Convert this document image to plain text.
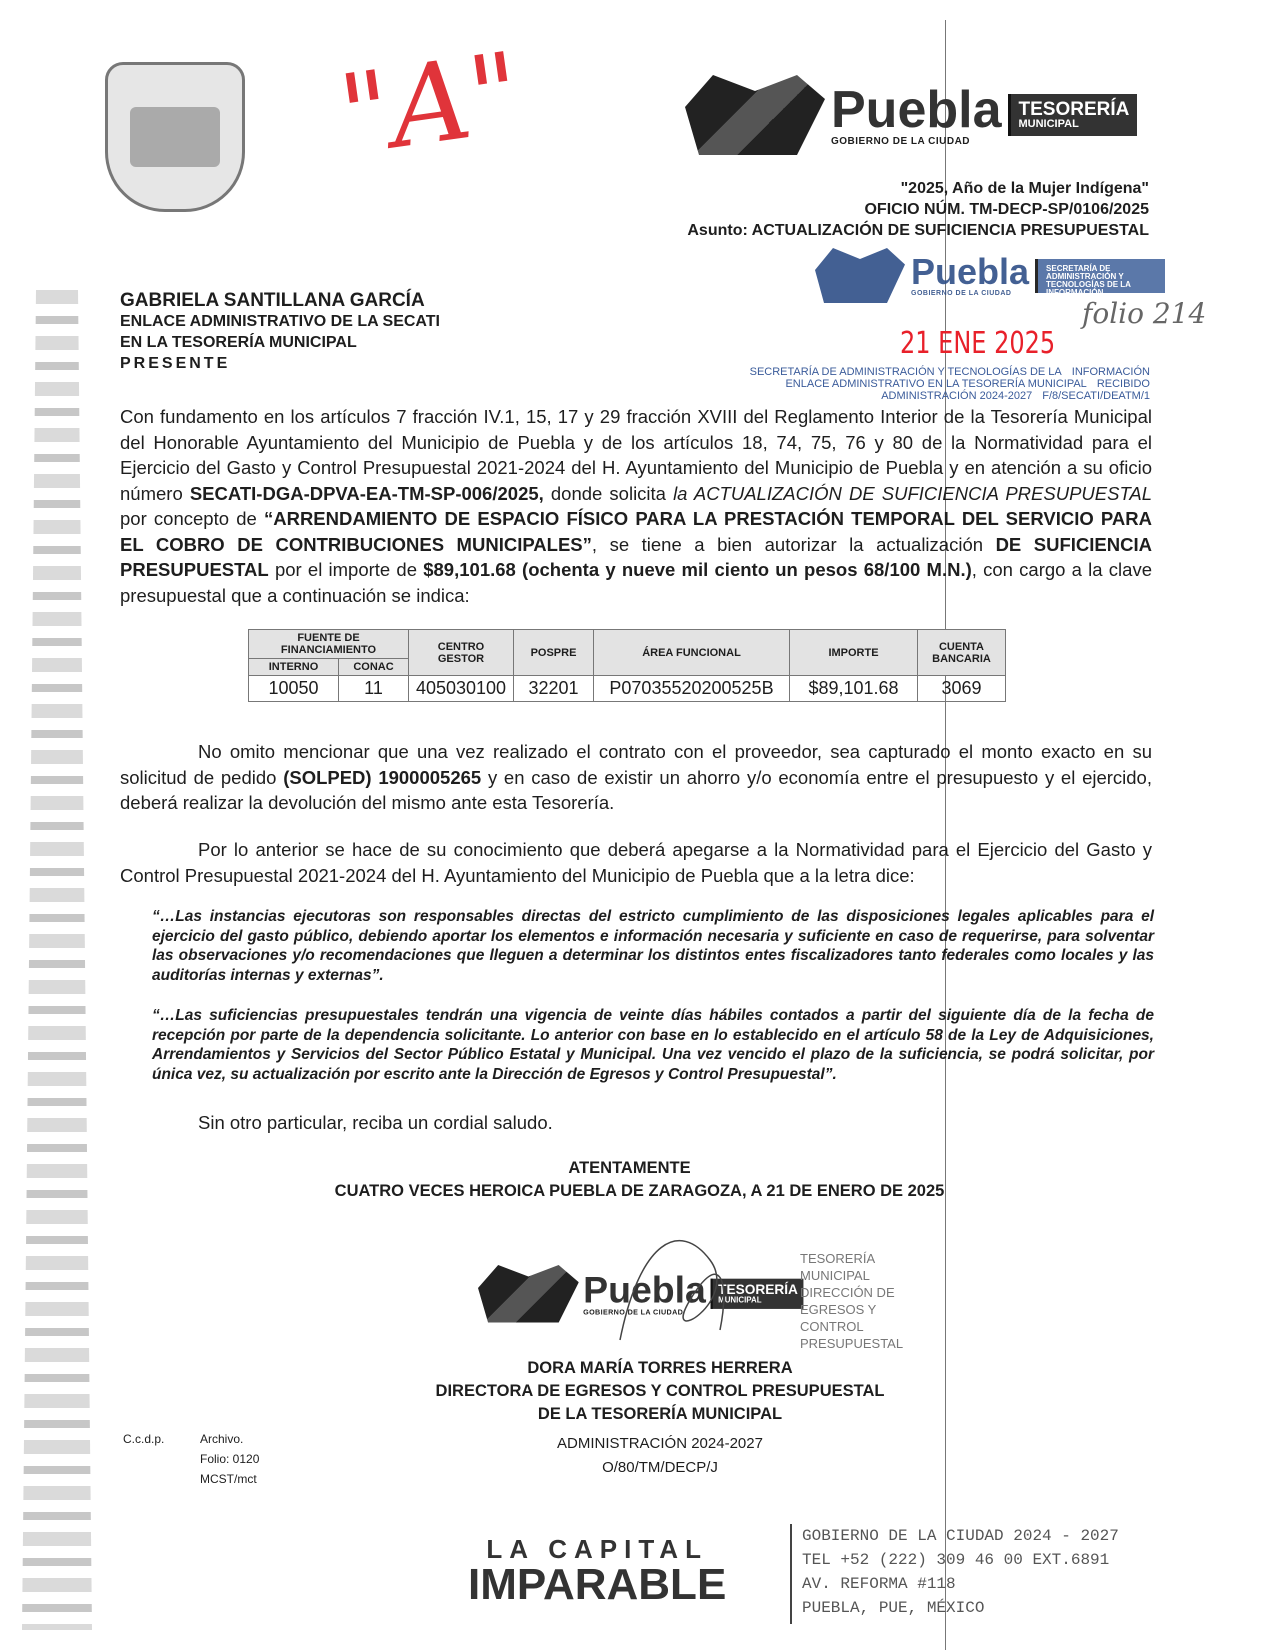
"A"	Puebla
GOBIERNO DE LA CIUDAD
TESORERÍA
MUNICIPAL
"2025, Año de la Mujer Indígena"
OFICIO NÚM. TM-DECP-SP/0106/2025
Asunto: ACTUALIZACIÓN DE SUFICIENCIA PRESUPUESTAL
Puebla
GOBIERNO DE LA CIUDAD
SECRETARÍA DE ADMINISTRACIÓN Y TECNOLOGÍAS DE LA INFORMACIÓN
folio 214
21 ENE 2025
SECRETARÍA DE ADMINISTRACIÓN Y TECNOLOGÍAS DE LA INFORMACIÓN
ENLACE ADMINISTRATIVO EN LA TESORERÍA MUNICIPAL RECIBIDO
ADMINISTRACIÓN 2024-2027 F/8/SECATI/DEATM/1
GABRIELA SANTILLANA GARCÍA
ENLACE ADMINISTRATIVO DE LA SECATI
EN LA TESORERÍA MUNICIPAL
PRESENTE
Con fundamento en los artículos 7 fracción IV.1, 15, 17 y 29 fracción XVIII del Reglamento Interior de la Tesorería Municipal del Honorable Ayuntamiento del Municipio de Puebla y de los artículos 18, 74, 75, 76 y 80 de la Normatividad para el Ejercicio del Gasto y Control Presupuestal 2021-2024 del H. Ayuntamiento del Municipio de Puebla y en atención a su oficio número SECATI-DGA-DPVA-EA-TM-SP-006/2025, donde solicita la ACTUALIZACIÓN DE SUFICIENCIA PRESUPUESTAL por concepto de “ARRENDAMIENTO DE ESPACIO FÍSICO PARA LA PRESTACIÓN TEMPORAL DEL SERVICIO PARA EL COBRO DE CONTRIBUCIONES MUNICIPALES”, se tiene a bien autorizar la actualización DE SUFICIENCIA PRESUPUESTAL por el importe de $89,101.68 (ochenta y nueve mil ciento un pesos 68/100 M.N.), con cargo a la clave presupuestal que a continuación se indica:
FUENTE DE FINANCIAMIENTO		CENTRO GESTOR	POSPRE	ÁREA FUNCIONAL	IMPORTE	CUENTA BANCARIA
INTERNO	CONAC					
10050	11	405030100	32201	P07035520200525B	$89,101.68	3069
No omito mencionar que una vez realizado el contrato con el proveedor, sea capturado el monto exacto en su solicitud de pedido (SOLPED) 1900005265 y en caso de existir un ahorro y/o economía entre el presupuesto y el ejercido, deberá realizar la devolución del mismo ante esta Tesorería.
Por lo anterior se hace de su conocimiento que deberá apegarse a la Normatividad para el Ejercicio del Gasto y Control Presupuestal 2021-2024 del H. Ayuntamiento del Municipio de Puebla que a la letra dice:
“…Las instancias ejecutoras son responsables directas del estricto cumplimiento de las disposiciones legales aplicables para el ejercicio del gasto público, debiendo aportar los elementos e información necesaria y suficiente en caso de requerirse, para solventar las observaciones y/o recomendaciones que lleguen a determinar los distintos entes fiscalizadores tanto federales como locales y las auditorías internas y externas”.
“…Las suficiencias presupuestales tendrán una vigencia de veinte días hábiles contados a partir del siguiente día de la fecha de recepción por parte de la dependencia solicitante. Lo anterior con base en lo establecido en el artículo 58 de la Ley de Adquisiciones, Arrendamientos y Servicios del Sector Público Estatal y Municipal. Una vez vencido el plazo de la suficiencia, se podrá solicitar, por única vez, su actualización por escrito ante la Dirección de Egresos y Control Presupuestal”.
Sin otro particular, reciba un cordial saludo.
ATENTAMENTE
CUATRO VECES HEROICA PUEBLA DE ZARAGOZA, A 21 DE ENERO DE 2025
Puebla
GOBIERNO DE LA CIUDAD
TESORERÍA
MUNICIPAL
TESORERÍA MUNICIPAL
DIRECCIÓN DE EGRESOS Y
CONTROL PRESUPUESTAL
DORA MARÍA TORRES HERRERA
DIRECTORA DE EGRESOS Y CONTROL PRESUPUESTAL
DE LA TESORERÍA MUNICIPAL
ADMINISTRACIÓN 2024-2027
O/80/TM/DECP/J
C.c.d.p.	Archivo.
Folio: 0120
MCST/mct
LA CAPITAL
IMPARABLE
GOBIERNO DE LA CIUDAD 2024 - 2027
TEL +52 (222) 309 46 00 EXT.6891
AV. REFORMA #118
PUEBLA, PUE, MÉXICO
